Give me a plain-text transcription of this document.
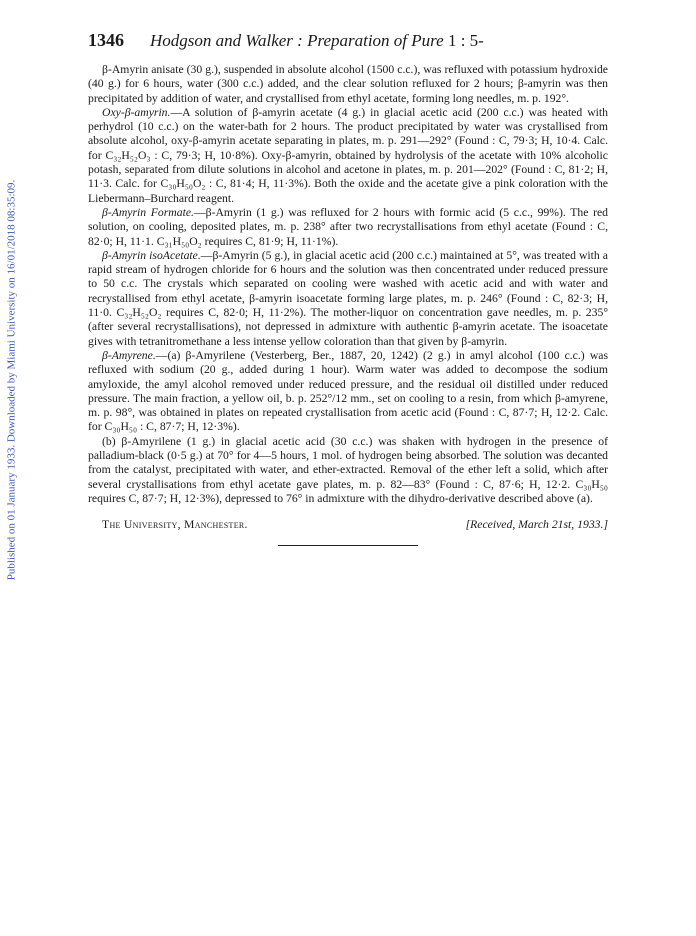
Published on 01 January 1933. Downloaded by Miami University on 16/01/2018 08:35:09.
1346	Hodgson and Walker : Preparation of Pure 1 : 5-

β-Amyrin anisate (30 g.), suspended in absolute alcohol (1500 c.c.), was refluxed with potassium hydroxide (40 g.) for 6 hours, water (300 c.c.) added, and the clear solution refluxed for 2 hours; β-amyrin was then precipitated by addition of water, and crystallised from ethyl acetate, forming long needles, m. p. 192°.

Oxy-β-amyrin.—A solution of β-amyrin acetate (4 g.) in glacial acetic acid (200 c.c.) was heated with perhydrol (10 c.c.) on the water-bath for 2 hours. The product precipitated by water was crystallised from absolute alcohol, oxy-β-amyrin acetate separating in plates, m. p. 291—292° (Found : C, 79·3; H, 10·4. Calc. for C₃₂H₅₂O₃ : C, 79·3; H, 10·8%). Oxy-β-amyrin, obtained by hydrolysis of the acetate with 10% alcoholic potash, separated from dilute solutions in alcohol and acetone in plates, m. p. 201—202° (Found : C, 81·2; H, 11·3. Calc. for C₃₀H₅₀O₂ : C, 81·4; H, 11·3%). Both the oxide and the acetate give a pink coloration with the Liebermann–Burchard reagent.

β-Amyrin Formate.—β-Amyrin (1 g.) was refluxed for 2 hours with formic acid (5 c.c., 99%). The red solution, on cooling, deposited plates, m. p. 238° after two recrystallisations from ethyl acetate (Found : C, 82·0; H, 11·1. C₃₁H₅₀O₂ requires C, 81·9; H, 11·1%).

β-Amyrin isoAcetate.—β-Amyrin (5 g.), in glacial acetic acid (200 c.c.) maintained at 5°, was treated with a rapid stream of hydrogen chloride for 6 hours and the solution was then concentrated under reduced pressure to 50 c.c. The crystals which separated on cooling were washed with acetic acid and with water and recrystallised from ethyl acetate, β-amyrin isoacetate forming large plates, m. p. 246° (Found : C, 82·3; H, 11·0. C₃₂H₅₂O₂ requires C, 82·0; H, 11·2%). The mother-liquor on concentration gave needles, m. p. 235° (after several recrystallisations), not depressed in admixture with authentic β-amyrin acetate. The isoacetate gives with tetranitromethane a less intense yellow coloration than that given by β-amyrin.

β-Amyrene.—(a) β-Amyrilene (Vesterberg, Ber., 1887, 20, 1242) (2 g.) in amyl alcohol (100 c.c.) was refluxed with sodium (20 g., added during 1 hour). Warm water was added to decompose the sodium amyloxide, the amyl alcohol removed under reduced pressure, and the residual oil distilled under reduced pressure. The main fraction, a yellow oil, b. p. 252°/12 mm., set on cooling to a resin, from which β-amyrene, m. p. 98°, was obtained in plates on repeated crystallisation from acetic acid (Found : C, 87·7; H, 12·2. Calc. for C₃₀H₅₀ : C, 87·7; H, 12·3%).

(b) β-Amyrilene (1 g.) in glacial acetic acid (30 c.c.) was shaken with hydrogen in the presence of palladium-black (0·5 g.) at 70° for 4—5 hours, 1 mol. of hydrogen being absorbed. The solution was decanted from the catalyst, precipitated with water, and ether-extracted. Removal of the ether left a solid, which after several crystallisations from ethyl acetate gave plates, m. p. 82—83° (Found : C, 87·6; H, 12·2. C₃₀H₅₀ requires C, 87·7; H, 12·3%), depressed to 76° in admixture with the dihydro-derivative described above (a).

The University, Manchester.	[Received, March 21st, 1933.]
